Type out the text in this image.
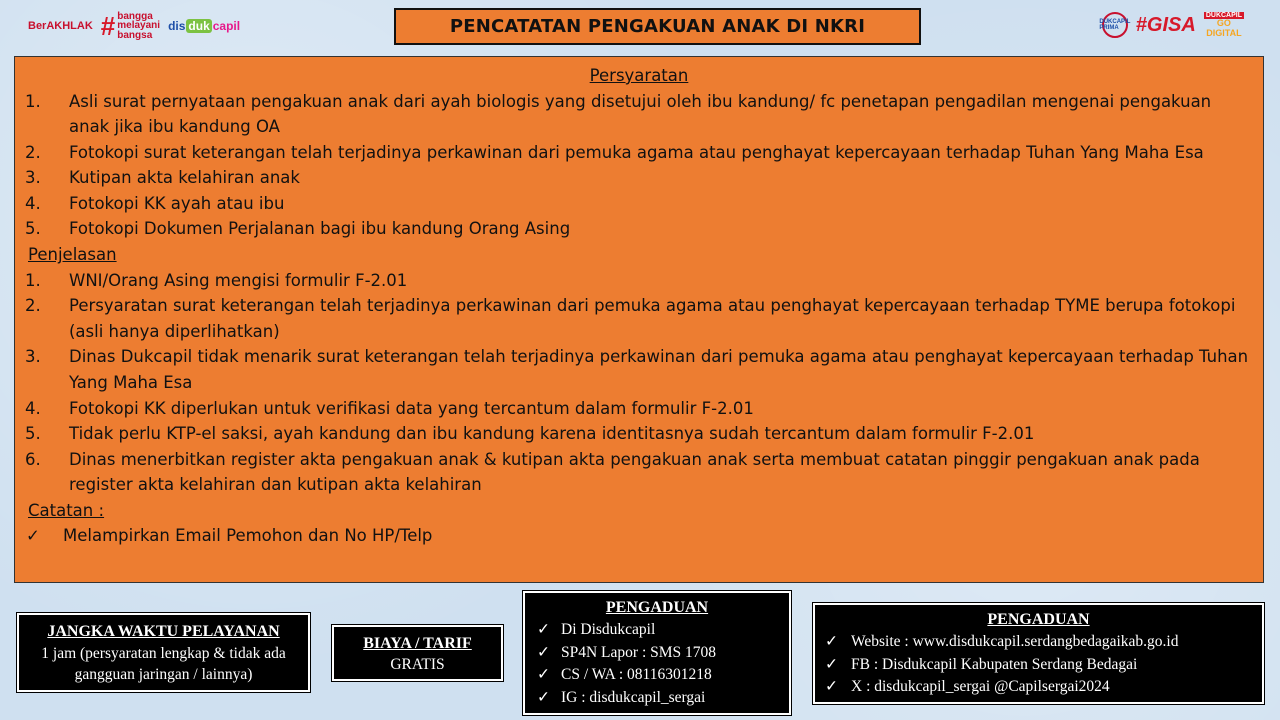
BerAKHLAK # bangga
melayani
bangsa
dis duk capil	PENCATATAN PENGAKUAN ANAK DI NKRI	DUKCAPIL PRIMA #GISA DUKCAPIL
GO
DIGITAL
Persyaratan
1.	Asli surat pernyataan pengakuan anak dari ayah biologis yang disetujui oleh ibu kandung/ fc penetapan pengadilan mengenai pengakuan anak jika ibu kandung OA
2.	Fotokopi surat keterangan telah terjadinya perkawinan dari pemuka agama atau penghayat kepercayaan terhadap Tuhan Yang Maha Esa
3.	Kutipan akta kelahiran anak
4.	Fotokopi KK ayah atau ibu
5.	Fotokopi Dokumen Perjalanan bagi ibu kandung Orang Asing
Penjelasan
1.	WNI/Orang Asing mengisi formulir F-2.01
2.	Persyaratan surat keterangan telah terjadinya perkawinan dari pemuka agama atau penghayat kepercayaan terhadap TYME berupa fotokopi (asli hanya diperlihatkan)
3.	Dinas Dukcapil tidak menarik surat keterangan telah terjadinya perkawinan dari pemuka agama atau penghayat kepercayaan terhadap Tuhan Yang Maha Esa
4.	Fotokopi KK diperlukan untuk verifikasi data yang tercantum dalam formulir F-2.01
5.	Tidak perlu KTP-el saksi, ayah kandung dan ibu kandung karena identitasnya sudah tercantum dalam formulir F-2.01
6.	Dinas menerbitkan register akta pengakuan anak & kutipan akta pengakuan anak serta membuat catatan pinggir pengakuan anak pada register akta kelahiran dan kutipan akta kelahiran
Catatan :
✓	Melampirkan Email Pemohon dan No HP/Telp
JANGKA WAKTU PELAYANAN
1 jam (persyaratan lengkap & tidak ada gangguan jaringan / lainnya)
BIAYA / TARIF
GRATIS
PENGADUAN
✓ Di Disdukcapil
✓ SP4N Lapor : SMS 1708
✓ CS / WA : 08116301218
✓ IG : disdukcapil_sergai
PENGADUAN
✓ Website : www.disdukcapil.serdangbedagaikab.go.id
✓ FB : Disdukcapil Kabupaten Serdang Bedagai
✓ X : disdukcapil_sergai @Capilsergai2024
